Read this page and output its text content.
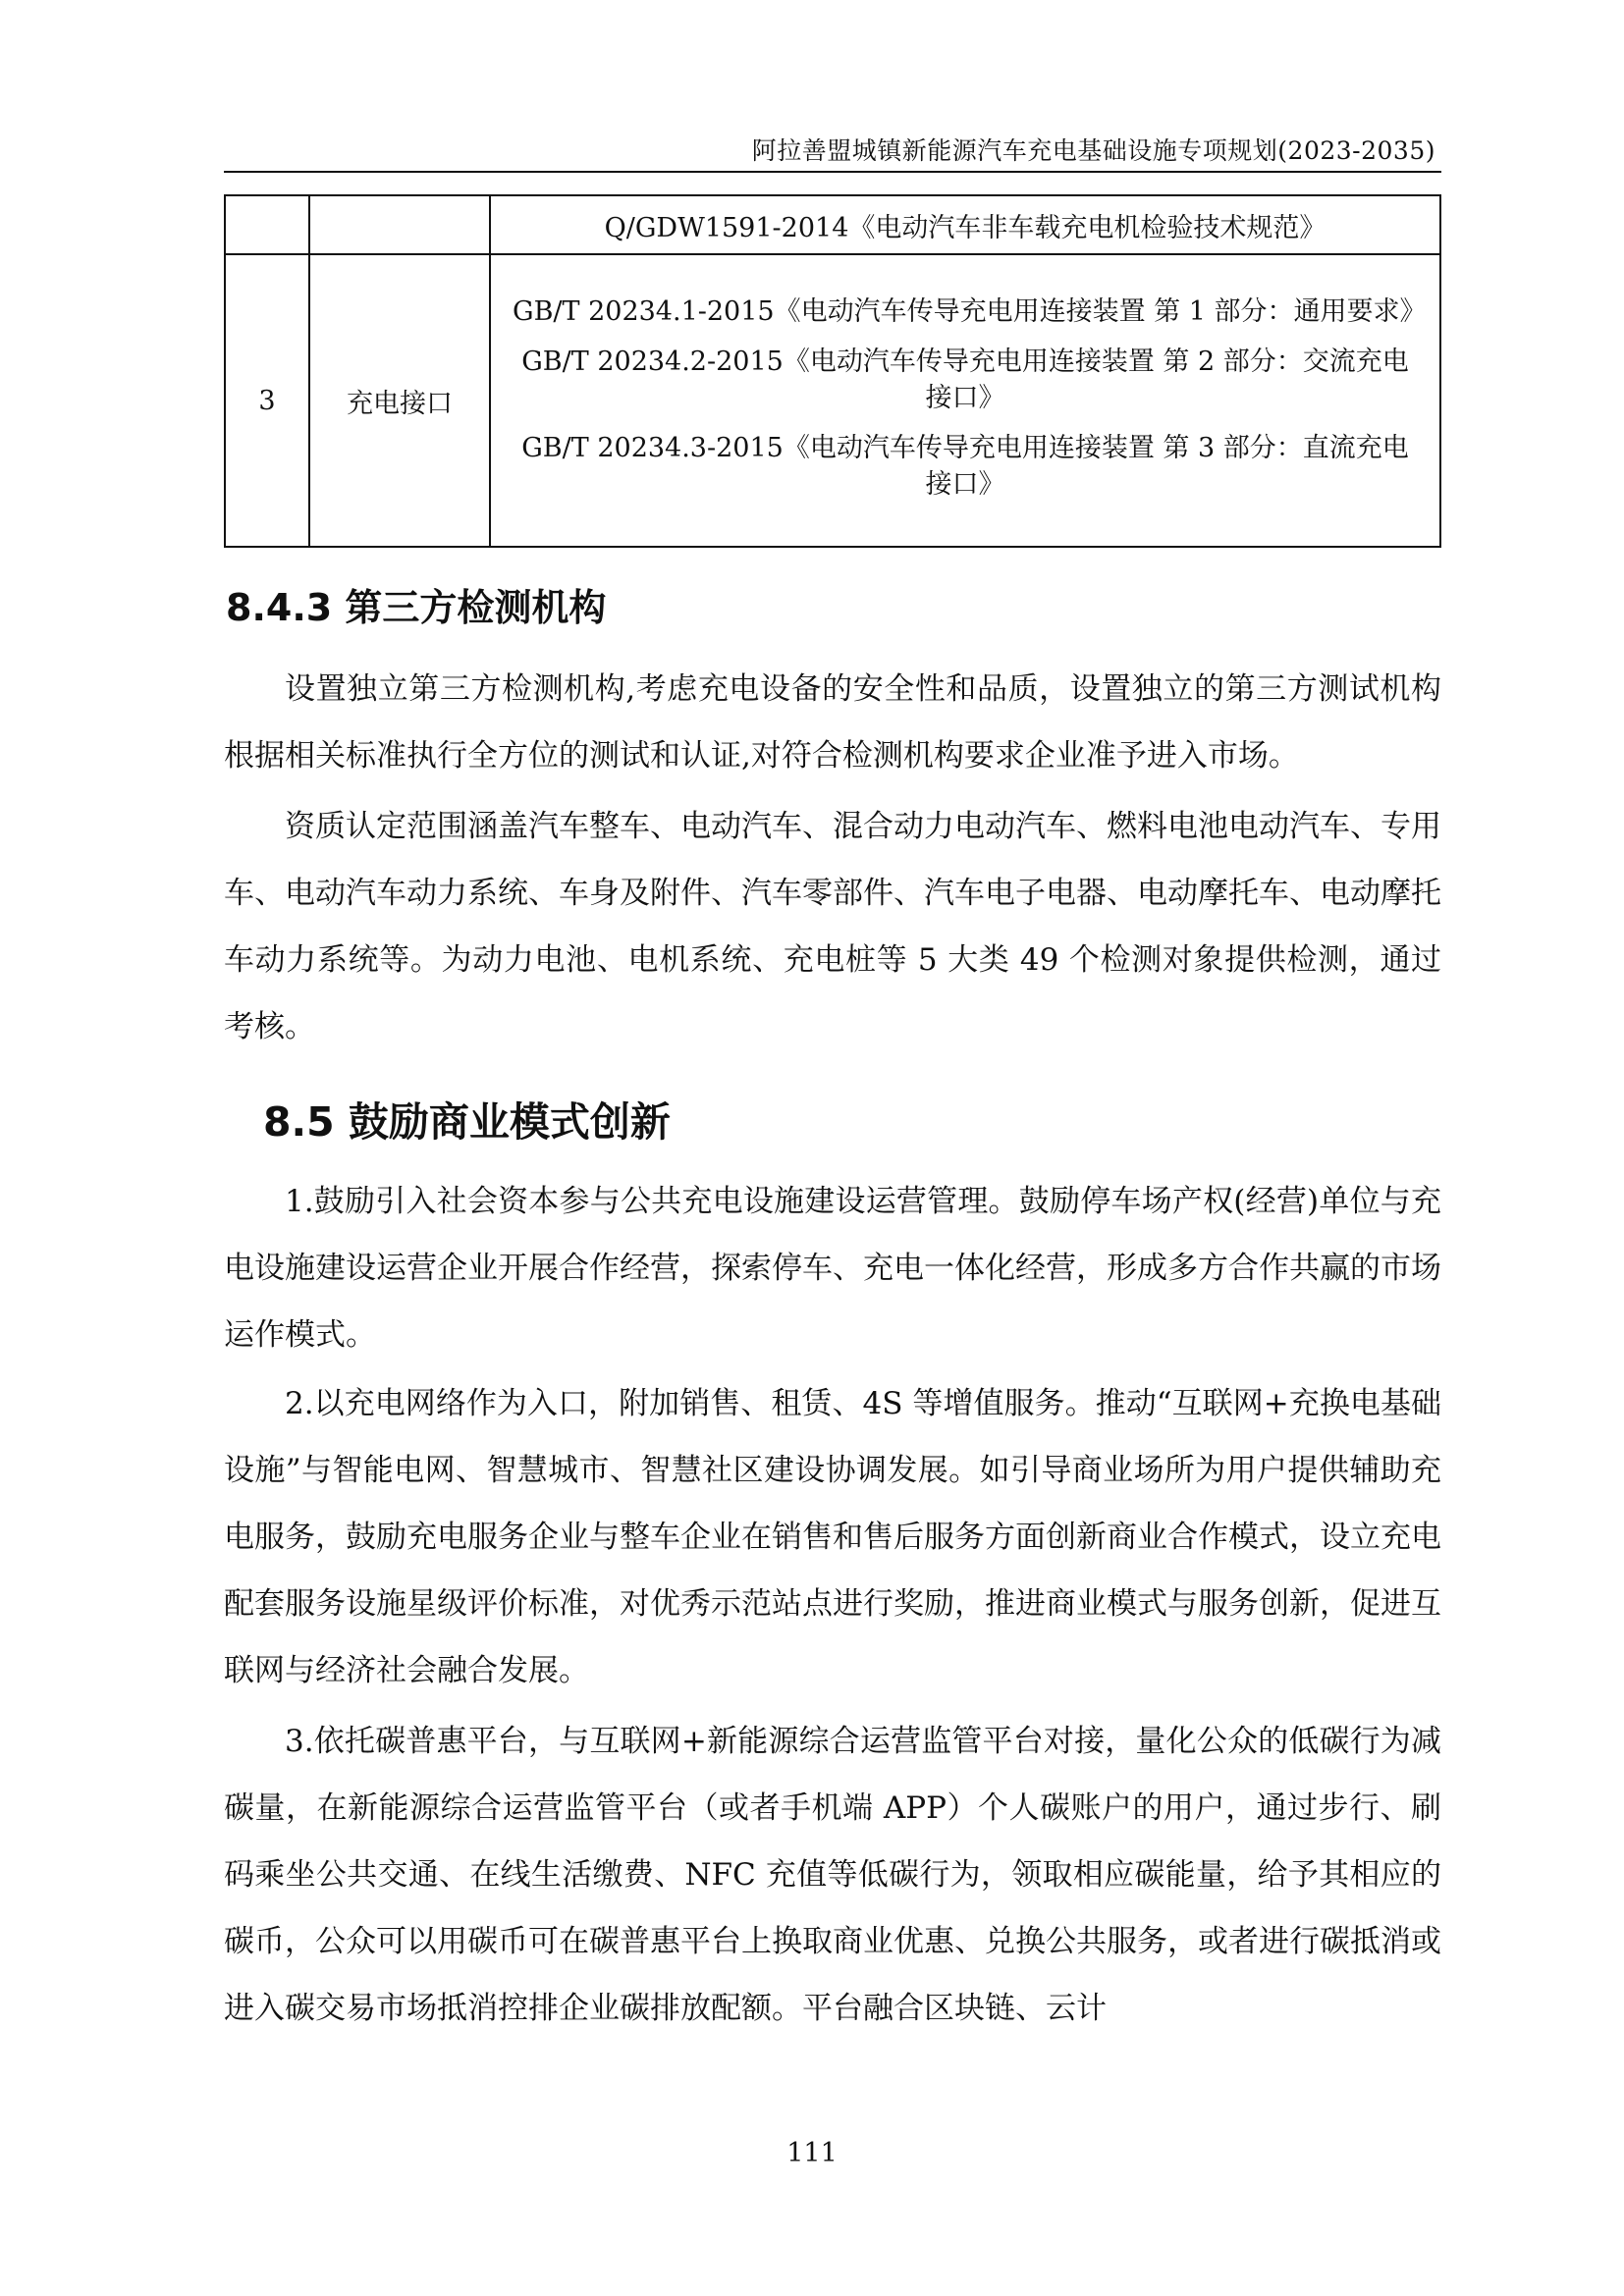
阿拉善盟城镇新能源汽车充电基础设施专项规划(2023-2035)

		Q/GDW1591-2014《电动汽车非车载充电机检验技术规范》

3	充电接口	GB/T 20234.1-2015《电动汽车传导充电用连接装置 第 1 部分：通用要求》
GB/T 20234.2-2015《电动汽车传导充电用连接装置 第 2 部分：交流充电接口》
GB/T 20234.3-2015《电动汽车传导充电用连接装置 第 3 部分：直流充电接口》
8.4.3 第三方检测机构

设置独立第三方检测机构,考虑充电设备的安全性和品质，设置独立的第三方测试机构根据相关标准执行全方位的测试和认证,对符合检测机构要求企业准予进入市场。

资质认定范围涵盖汽车整车、电动汽车、混合动力电动汽车、燃料电池电动汽车、专用车、电动汽车动力系统、车身及附件、汽车零部件、汽车电子电器、电动摩托车、电动摩托车动力系统等。为动力电池、电机系统、充电桩等 5 大类 49 个检测对象提供检测，通过考核。

8.5 鼓励商业模式创新

1.鼓励引入社会资本参与公共充电设施建设运营管理。鼓励停车场产权(经营)单位与充电设施建设运营企业开展合作经营，探索停车、充电一体化经营，形成多方合作共赢的市场运作模式。

2.以充电网络作为入口，附加销售、租赁、4S 等增值服务。推动“互联网+充换电基础设施”与智能电网、智慧城市、智慧社区建设协调发展。如引导商业场所为用户提供辅助充电服务，鼓励充电服务企业与整车企业在销售和售后服务方面创新商业合作模式，设立充电配套服务设施星级评价标准，对优秀示范站点进行奖励，推进商业模式与服务创新，促进互联网与经济社会融合发展。

3.依托碳普惠平台，与互联网+新能源综合运营监管平台对接，量化公众的低碳行为减碳量，在新能源综合运营监管平台（或者手机端 APP）个人碳账户的用户，通过步行、刷码乘坐公共交通、在线生活缴费、NFC 充值等低碳行为，领取相应碳能量，给予其相应的碳币，公众可以用碳币可在碳普惠平台上换取商业优惠、兑换公共服务，或者进行碳抵消或进入碳交易市场抵消控排企业碳排放配额。平台融合区块链、云计

111
